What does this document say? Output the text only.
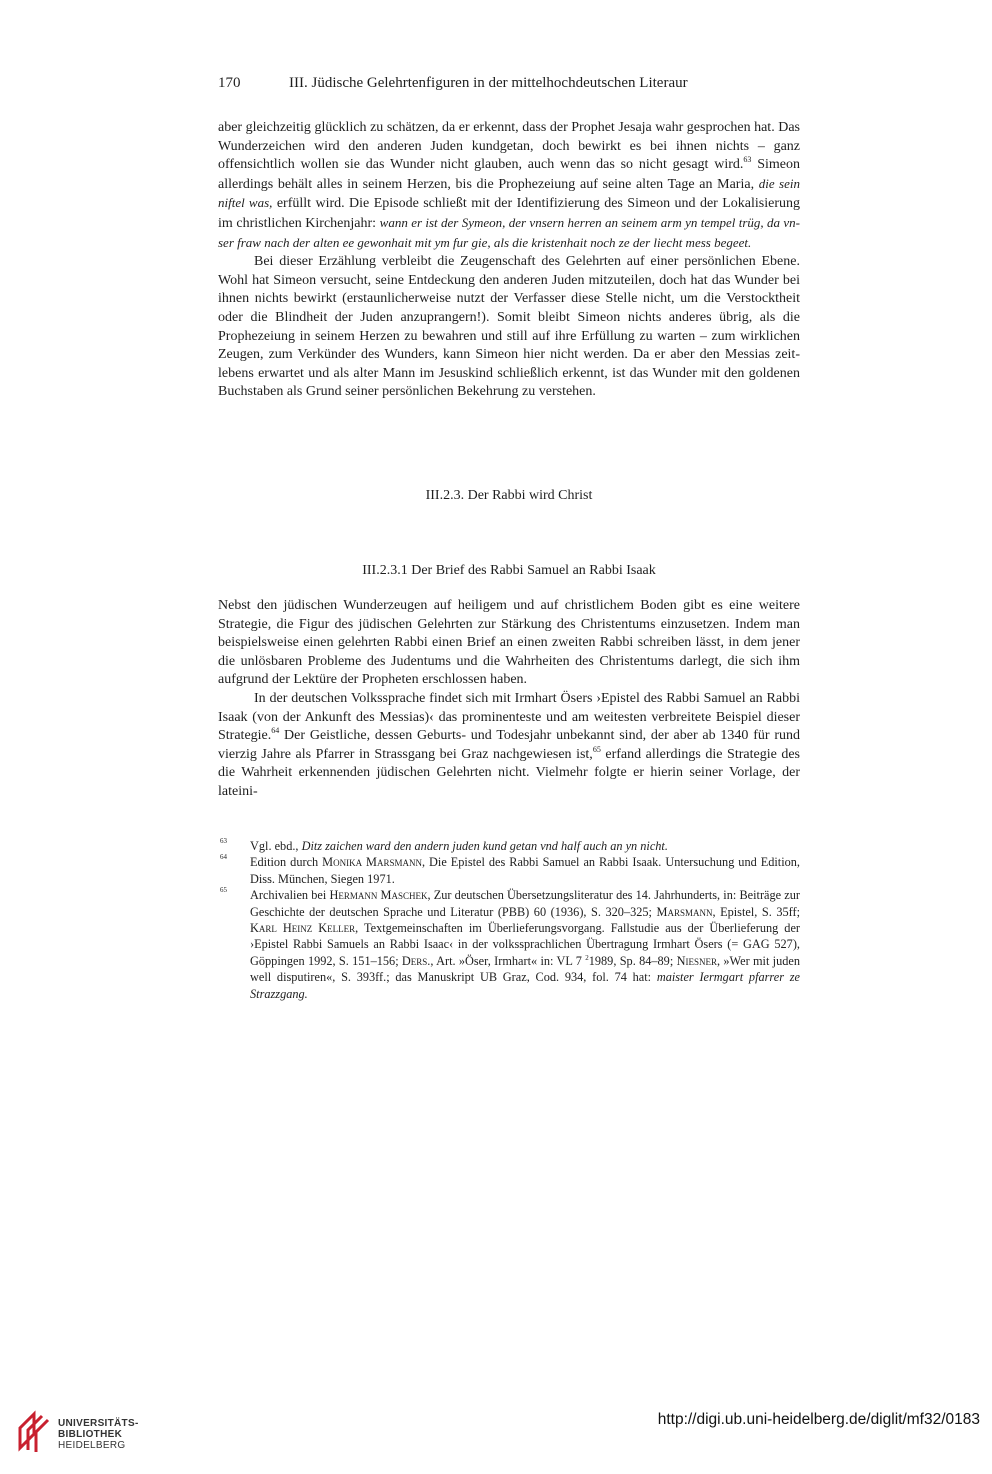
170	III. Jüdische Gelehrtenfiguren in der mittelhochdeutschen Literaur

aber gleichzeitig glücklich zu schätzen, da er erkennt, dass der Prophet Jesaja wahr gesprochen hat. Das Wunderzeichen wird den anderen Juden kundgetan, doch bewirkt es bei ihnen nichts – ganz offensichtlich wollen sie das Wunder nicht glauben, auch wenn das so nicht gesagt wird.$^{63}$ Simeon allerdings behält alles in seinem Herzen, bis die Prophezeiung auf seine alten Tage an Maria, die sein niftel was, erfüllt wird. Die Episode schließt mit der Identifizierung des Simeon und der Lokalisierung im christlichen Kirchenjahr: wann er ist der Symeon, der vnsern herren an seinem arm yn tempel trüg, da vnser fraw nach der alten ee gewonhait mit ym fur gie, als die kristenhait noch ze der liecht mess begeet.

Bei dieser Erzählung verbleibt die Zeugenschaft des Gelehrten auf einer persönlichen Ebene. Wohl hat Simeon versucht, seine Entdeckung den anderen Juden mitzuteilen, doch hat das Wunder bei ihnen nichts bewirkt (erstaunlicherweise nutzt der Verfasser diese Stelle nicht, um die Verstocktheit oder die Blindheit der Juden anzuprangern!). Somit bleibt Simeon nichts anderes übrig, als die Prophezeiung in seinem Herzen zu bewahren und still auf ihre Erfüllung zu warten – zum wirklichen Zeugen, zum Verkünder des Wunders, kann Simeon hier nicht werden. Da er aber den Messias zeitlebens erwartet und als alter Mann im Jesuskind schließlich erkennt, ist das Wunder mit den goldenen Buchstaben als Grund seiner persönlichen Bekehrung zu verstehen.

III.2.3. Der Rabbi wird Christ
III.2.3.1 Der Brief des Rabbi Samuel an Rabbi Isaak

Nebst den jüdischen Wunderzeugen auf heiligem und auf christlichem Boden gibt es eine weitere Strategie, die Figur des jüdischen Gelehrten zur Stärkung des Christentums einzusetzen. Indem man beispielsweise einen gelehrten Rabbi einen Brief an einen zweiten Rabbi schreiben lässt, in dem jener die unlösbaren Probleme des Judentums und die Wahrheiten des Christentums darlegt, die sich ihm aufgrund der Lektüre der Propheten erschlossen haben.

In der deutschen Volkssprache findet sich mit Irmhart Ösers ›Epistel des Rabbi Samuel an Rabbi Isaak (von der Ankunft des Messias)‹ das prominenteste und am weitesten verbreitete Beispiel dieser Strategie.$^{64}$ Der Geistliche, dessen Geburts- und Todesjahr unbekannt sind, der aber ab 1340 für rund vierzig Jahre als Pfarrer in Strassgang bei Graz nachgewiesen ist,$^{65}$ erfand allerdings die Strategie des die Wahrheit erkennenden jüdischen Gelehrten nicht. Vielmehr folgte er hierin seiner Vorlage, der lateini-

63 Vgl. ebd., Ditz zaichen ward den andern juden kund getan vnd half auch an yn nicht.
64 Edition durch Monika Marsmann, Die Epistel des Rabbi Samuel an Rabbi Isaak. Untersuchung und Edition, Diss. München, Siegen 1971.
65 Archivalien bei Hermann Maschek, Zur deutschen Übersetzungsliteratur des 14. Jahrhunderts, in: Beiträge zur Geschichte der deutschen Sprache und Literatur (PBB) 60 (1936), S. 320–325; Marsmann, Epistel, S. 35ff; Karl Heinz Keller, Textgemeinschaften im Überlieferungsvorgang. Fallstudie aus der Überlieferung der ›Epistel Rabbi Samuels an Rabbi Isaac‹ in der volkssprachlichen Übertragung Irmhart Ösers (= GAG 527), Göppingen 1992, S. 151–156; Ders., Art. »Öser, Irmhart« in: VL 7 $^2$1989, Sp. 84–89; Niesner, »Wer mit juden well disputiren«, S. 393ff.; das Manuskript UB Graz, Cod. 934, fol. 74 hat: maister Iermgart pfarrer ze Strazzgang.
UNIVERSITÄTS-
BIBLIOTHEK
HEIDELBERG
http://digi.ub.uni-heidelberg.de/diglit/mf32/0183
